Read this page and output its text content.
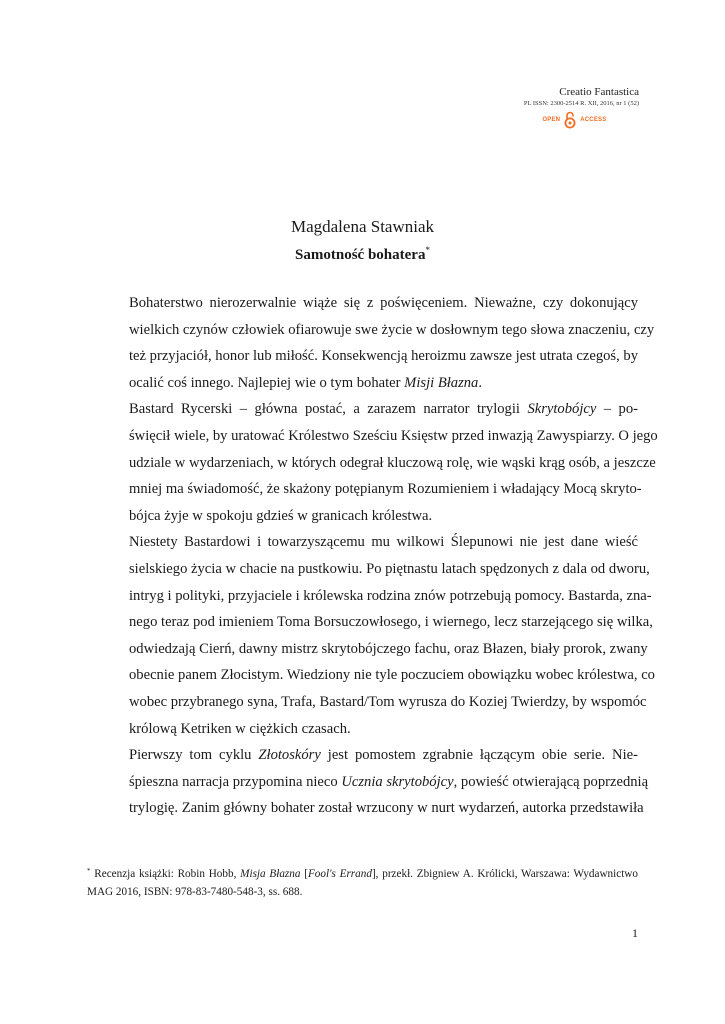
Creatio Fantastica
PL ISSN: 2300-2514 R. XII, 2016, nr 1 (52)
OPEN	ACCESS
Magdalena Stawniak
Samotność bohatera*

Bohaterstwo nierozerwalnie wiąże się z poświęceniem. Nieważne, czy dokonujący
wielkich czynów człowiek ofiarowuje swe życie w dosłownym tego słowa znaczeniu, czy
też przyjaciół, honor lub miłość. Konsekwencją heroizmu zawsze jest utrata czegoś, by
ocalić coś innego. Najlepiej wie o tym bohater Misji Błazna.

Bastard Rycerski – główna postać, a zarazem narrator trylogii Skrytobójcy – po-
święcił wiele, by uratować Królestwo Sześciu Księstw przed inwazją Zawyspiarzy. O jego
udziale w wydarzeniach, w których odegrał kluczową rolę, wie wąski krąg osób, a jeszcze
mniej ma świadomość, że skażony potępianym Rozumieniem i władający Mocą skryto-
bójca żyje w spokoju gdzieś w granicach królestwa.

Niestety Bastardowi i towarzyszącemu mu wilkowi Ślepunowi nie jest dane wieść
sielskiego życia w chacie na pustkowiu. Po piętnastu latach spędzonych z dala od dworu,
intryg i polityki, przyjaciele i królewska rodzina znów potrzebują pomocy. Bastarda, zna-
nego teraz pod imieniem Toma Borsuczowłosego, i wiernego, lecz starzejącego się wilka,
odwiedzają Cierń, dawny mistrz skrytobójczego fachu, oraz Błazen, biały prorok, zwany
obecnie panem Złocistym. Wiedziony nie tyle poczuciem obowiązku wobec królestwa, co
wobec przybranego syna, Trafa, Bastard/Tom wyrusza do Koziej Twierdzy, by wspomóc
królową Ketriken w ciężkich czasach.

Pierwszy tom cyklu Złotoskóry jest pomostem zgrabnie łączącym obie serie. Nie-
śpieszna narracja przypomina nieco Ucznia skrytobójcy, powieść otwierającą poprzednią
trylogię. Zanim główny bohater został wrzucony w nurt wydarzeń, autorka przedstawiła

* Recenzja książki: Robin Hobb, Misja Błazna [Fool's Errand], przekł. Zbigniew A. Królicki, Warszawa: Wydawnictwo MAG 2016, ISBN: 978-83-7480-548-3, ss. 688.
1
